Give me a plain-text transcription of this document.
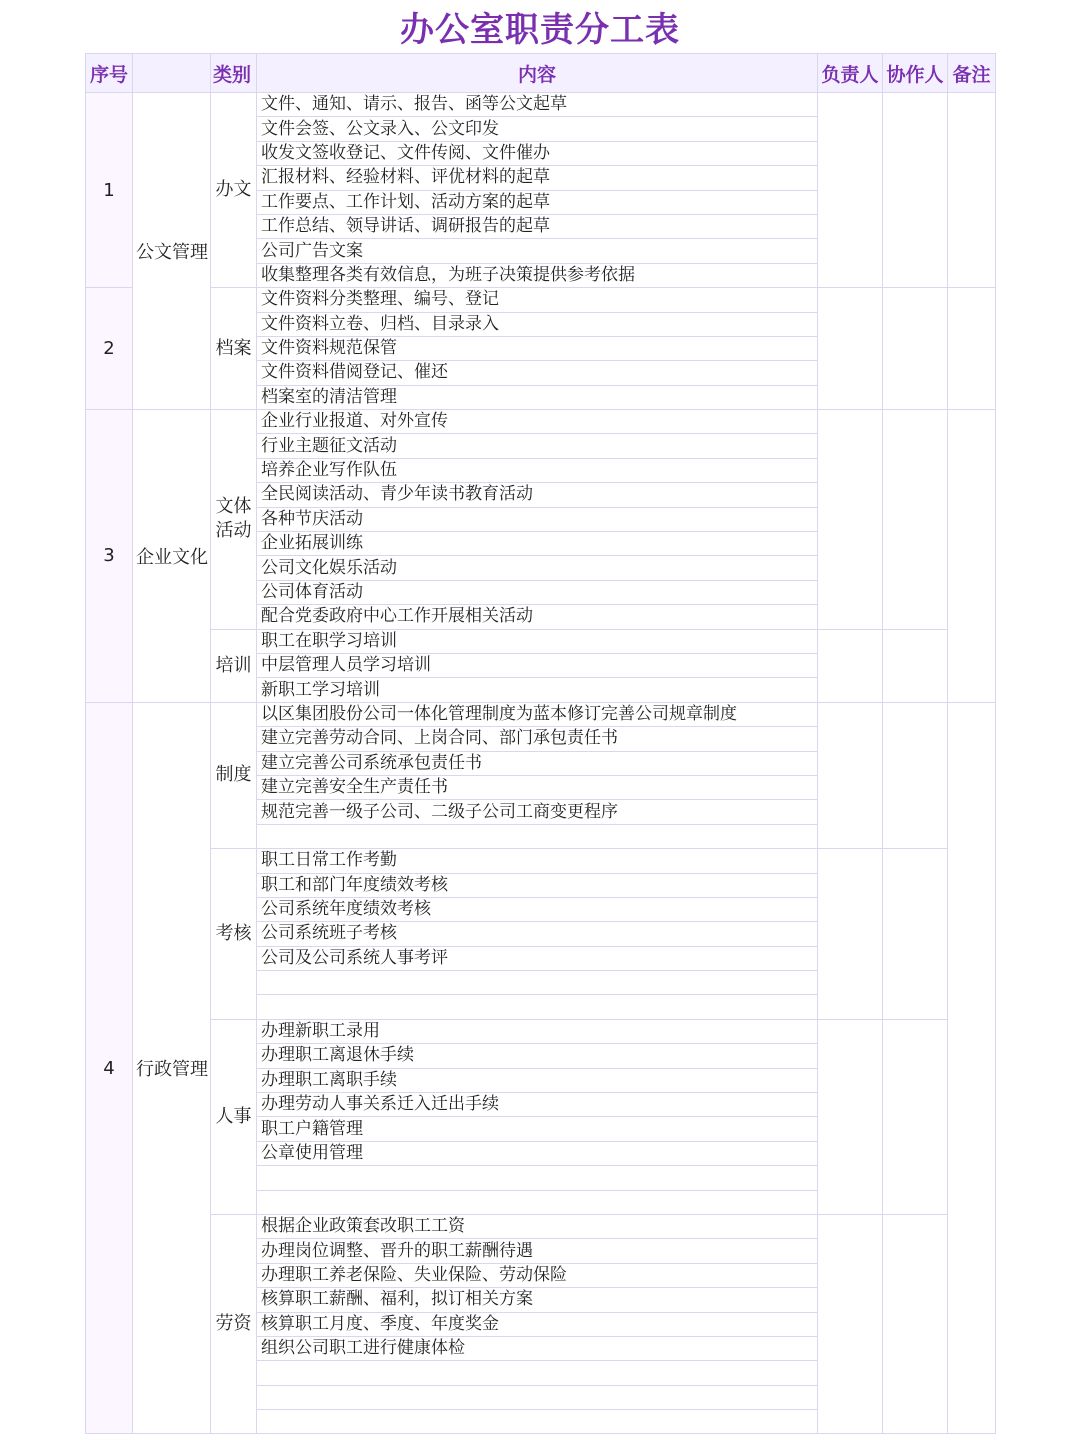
办公室职责分工表
序号		类别	内容	负责人	协作人	备注
1	公文管理	办文	文件、通知、请示、报告、函等公文起草			
			文件会签、公文录入、公文印发			
			收发文签收登记、文件传阅、文件催办			
			汇报材料、经验材料、评优材料的起草			
			工作要点、工作计划、活动方案的起草			
			工作总结、领导讲话、调研报告的起草			
			公司广告文案			
			收集整理各类有效信息，为班子决策提供参考依据			
2		档案	文件资料分类整理、编号、登记			
			文件资料立卷、归档、目录录入			
			文件资料规范保管			
			文件资料借阅登记、催还			
			档案室的清洁管理			
3	企业文化	文体活动	企业行业报道、对外宣传			
			行业主题征文活动			
			培养企业写作队伍			
			全民阅读活动、青少年读书教育活动			
			各种节庆活动			
			企业拓展训练			
			公司文化娱乐活动			
			公司体育活动			
			配合党委政府中心工作开展相关活动			
		培训	职工在职学习培训			
			中层管理人员学习培训			
			新职工学习培训			
4	行政管理	制度	以区集团股份公司一体化管理制度为蓝本修订完善公司规章制度			
			建立完善劳动合同、上岗合同、部门承包责任书			
			建立完善公司系统承包责任书			
			建立完善安全生产责任书			
			规范完善一级子公司、二级子公司工商变更程序			

		考核	职工日常工作考勤			
			职工和部门年度绩效考核			
			公司系统年度绩效考核			
			公司系统班子考核			
			公司及公司系统人事考评			

		人事	办理新职工录用			
			办理职工离退休手续			
			办理职工离职手续			
			办理劳动人事关系迁入迁出手续			
			职工户籍管理			
			公章使用管理			

		劳资	根据企业政策套改职工工资			
			办理岗位调整、晋升的职工薪酬待遇			
			办理职工养老保险、失业保险、劳动保险			
			核算职工薪酬、福利，拟订相关方案			
			核算职工月度、季度、年度奖金			
			组织公司职工进行健康体检			
